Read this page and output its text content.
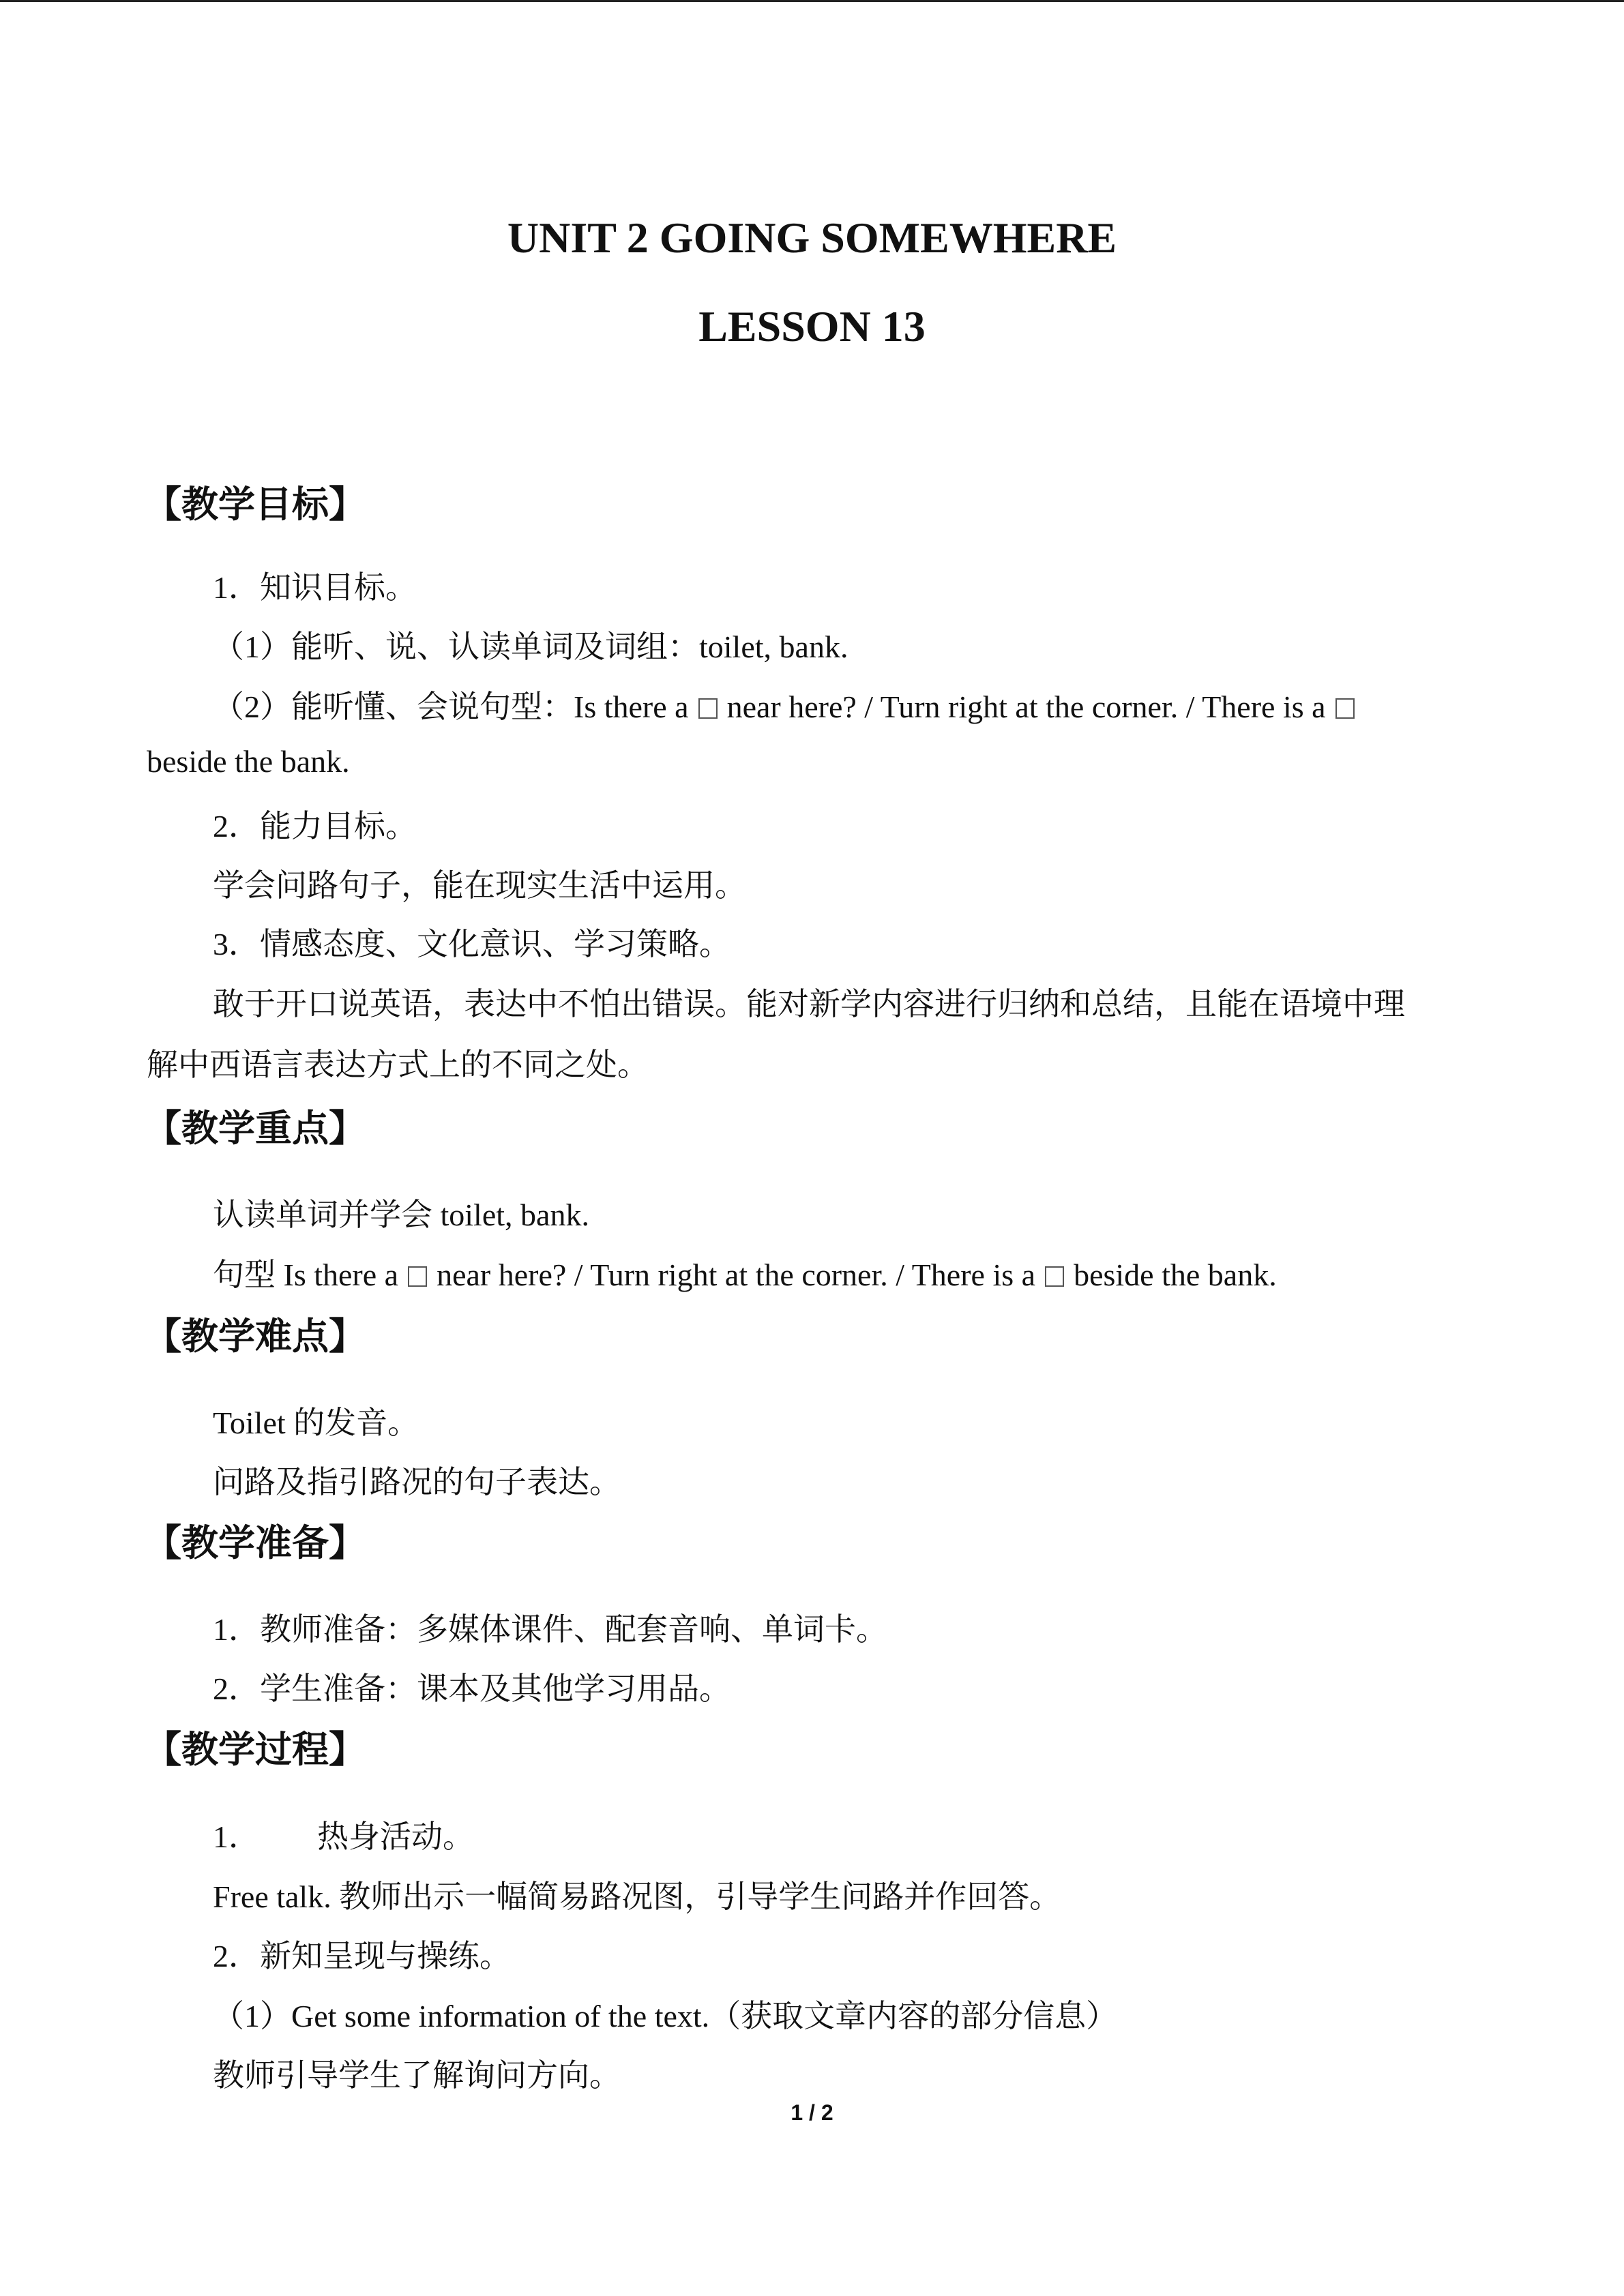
UNIT 2 GOING SOMEWHERE
LESSON 13
【教学目标】
1．知识目标。
（1）能听、说、认读单词及词组：toilet, bank.
（2）能听懂、会说句型：Is there a near here? / Turn right at the corner. / There is a
beside the bank.
2．能力目标。
学会问路句子，能在现实生活中运用。
3．情感态度、文化意识、学习策略。
敢于开口说英语，表达中不怕出错误。能对新学内容进行归纳和总结，且能在语境中理
解中西语言表达方式上的不同之处。
【教学重点】
认读单词并学会 toilet, bank.
句型 Is there a near here? / Turn right at the corner. / There is a beside the bank.
【教学难点】
Toilet 的发音。
问路及指引路况的句子表达。
【教学准备】
1．教师准备：多媒体课件、配套音响、单词卡。
2．学生准备：课本及其他学习用品。
【教学过程】
1． 热身活动。
Free talk. 教师出示一幅简易路况图，引导学生问路并作回答。
2．新知呈现与操练。
（1）Get some information of the text.（获取文章内容的部分信息）
教师引导学生了解询问方向。
1 / 2
